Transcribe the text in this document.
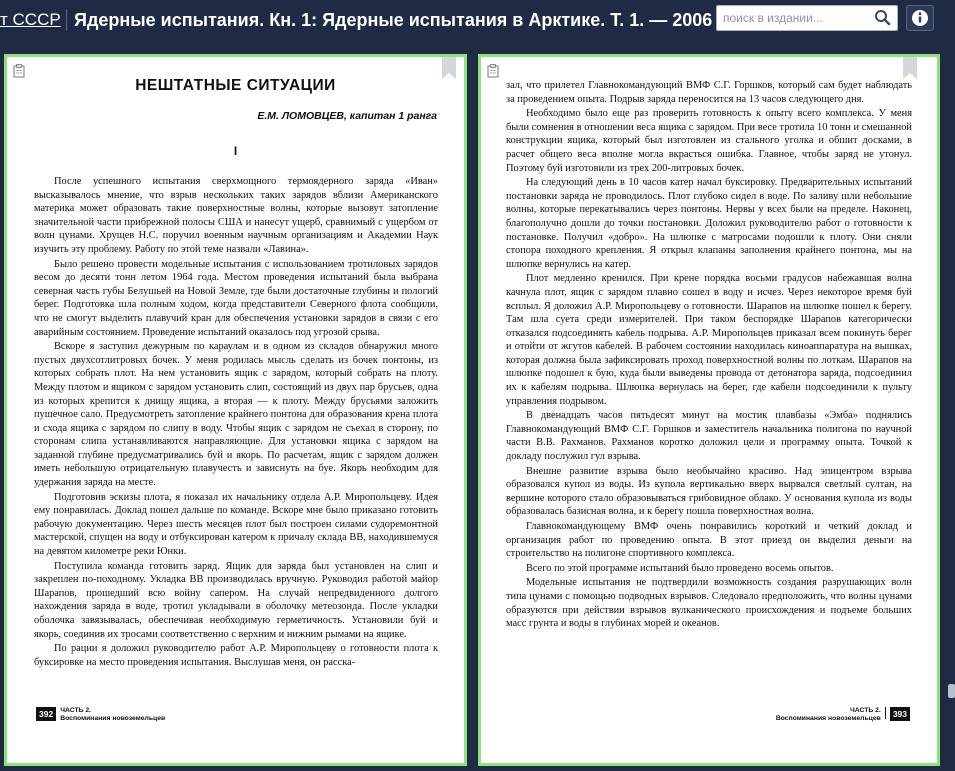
т СССР Ядерные испытания. Кн. 1: Ядерные испытания в Арктике. Т. 1. — 2006
поиск в издании...
НЕШТАТНЫЕ СИТУАЦИИ
Е.М. ЛОМОВЦЕВ, капитан 1 ранга
I

После успешного испытания сверхмощного термоядерного заряда «Иван» высказывалось мнение, что взрыв нескольких таких зарядов вблизи Американского материка может образовать такие поверхностные волны, которые вызовут затопление значительной части прибрежной полосы США и нанесут ущерб, сравнимый с ущербом от волн цунами. Хрущев Н.С. поручил военным научным организациям и Академии Наук изучить эту проблему. Работу по этой теме назвали «Лавина».

Было решено провести модельные испытания с использованием тротиловых зарядов весом до десяти тонн летом 1964 года. Местом проведения испытаний была выбрана северная часть губы Белушьей на Новой Земле, где были достаточные глубины и пологий берег. Подготовка шла полным ходом, когда представители Северного флота сообщили, что не смогут выделить плавучий кран для обеспечения установки зарядов в связи с его аварийным состоянием. Проведение испытаний оказалось под угрозой срыва.

Вскоре я заступил дежурным по караулам и в одном из складов обнаружил много пустых двухсотлитровых бочек. У меня родилась мысль сделать из бочек понтоны, из которых собрать плот. На нем установить ящик с зарядом, который собрать на плоту. Между плотом и ящиком с зарядом установить слип, состоящий из двух пар брусьев, одна из которых крепится к днищу ящика, а вторая — к плоту. Между брусьями заложить пушечное сало. Предусмотреть затопление крайнего понтона для образования крена плота и схода ящика с зарядом по слипу в воду. Чтобы ящик с зарядом не съехал в сторону, по сторонам слипа устанавливаются направляющие. Для установки ящика с зарядом на заданной глубине предусматривались буй и якорь. По расчетам, ящик с зарядом должен иметь небольшую отрицательную плавучесть и зависнуть на буе. Якорь необходим для удержания заряда на месте.

Подготовив эскизы плота, я показал их начальнику отдела А.Р. Миропольцеву. Идея ему понравилась. Доклад пошел дальше по команде. Вскоре мне было приказано готовить рабочую документацию. Через шесть месяцев плот был построен силами судоремонтной мастерской, спущен на воду и отбуксирован катером к причалу склада ВВ, находившемуся на девятом километре реки Юнки.

Поступила команда готовить заряд. Ящик для заряда был установлен на слип и закреплен по-походному. Укладка ВВ производилась вручную. Руководил работой майор Шарапов, прошедший всю войну сапером. На случай непредвиденного долгого нахождения заряда в воде, тротил укладывали в оболочку метеозонда. После укладки оболочка завязывалась, обеспечивая необходимую герметичность. Установили буй и якорь, соединив их тросами соответственно с верхним и нижним рымами на ящике.

По рации я доложил руководителю работ А.Р. Миропольцеву о готовности плота к буксировке на место проведения испытания. Выслушав меня, он расска-

392 ЧАСТЬ 2.
Воспоминания новоземельцев

зал, что прилетел Главнокомандующий ВМФ С.Г. Горшков, который сам будет наблюдать за проведением опыта. Подрыв заряда переносится на 13 часов следующего дня.

Необходимо было еще раз проверить готовность к опыту всего комплекса. У меня были сомнения в отношении веса ящика с зарядом. При весе тротила 10 тонн и смешанной конструкции ящика, который был изготовлен из стального уголка и обшит досками, в расчет общего веса вполне могла вкрасться ошибка. Главное, чтобы заряд не утонул. Поэтому буй изготовили из трех 200-литровых бочек.

На следующий день в 10 часов катер начал буксировку. Предварительных испытаний постановки заряда не проводилось. Плот глубоко сидел в воде. По заливу шли небольшие волны, которые перекатывались через понтоны. Нервы у всех были на пределе. Наконец, благополучно дошли до точки постановки. Доложил руководителю работ о готовности к постановке. Получил «добро». На шлюпке с матросами подошли к плоту. Они сняли стопора походного крепления. Я открыл клапаны заполнения крайнего понтона, мы на шлюпке вернулись на катер.

Плот медленно кренился. При крене порядка восьми градусов набежавшая волна качнула плот, ящик с зарядом плавно сошел в воду и исчез. Через некоторое время буй всплыл. Я доложил А.Р. Миропольцеву о готовности. Шарапов на шлюпке пошел к берегу. Там шла суета среди измерителей. При таком беспорядке Шарапов категорически отказался подсоединять кабель подрыва. А.Р. Миропольцев приказал всем покинуть берег и отойти от жгутов кабелей. В рабочем состоянии находилась киноаппаратура на вышках, которая должна была зафиксировать проход поверхностной волны по лоткам. Шарапов на шлюпке подошел к бую, куда были выведены провода от детонатора заряда, подсоединил их к кабелям подрыва. Шлюпка вернулась на берег, где кабели подсоединили к пульту управления подрывом.

В двенадцать часов пятьдесят минут на мостик плавбазы «Эмба» поднялись Главнокомандующий ВМФ С.Г. Горшков и заместитель начальника полигона по научной части В.В. Рахманов. Рахманов коротко доложил цели и программу опыта. Точкой к докладу послужил гул взрыва.

Внешне развитие взрыва было необычайно красиво. Над эпицентром взрыва образовался купол из воды. Из купола вертикально вверх вырвался светлый султан, на вершине которого стало образовываться грибовидное облако. У основания купола из воды образовалась базисная волна, и к берегу пошла поверхностная волна.

Главнокомандующему ВМФ очень понравились короткий и четкий доклад и организация работ по проведению опыта. В этот приезд он выделил деньги на строительство на полигоне спортивного комплекса.

Всего по этой программе испытаний было проведено восемь опытов.

Модельные испытания не подтвердили возможность создания разрушающих волн типа цунами с помощью подводных взрывов. Следовало предположить, что волны цунами образуются при действии взрывов вулканического происхождения и подъеме больших масс грунта и воды в глубинах морей и океанов.

ЧАСТЬ 2.
Воспоминания новоземельцев 393
